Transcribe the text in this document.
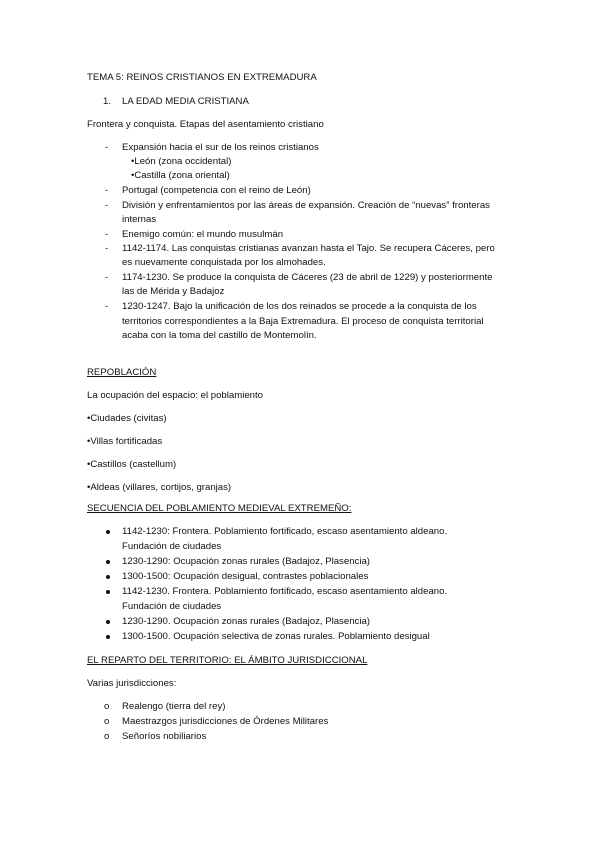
TEMA 5: REINOS CRISTIANOS EN EXTREMADURA
1. LA EDAD MEDIA CRISTIANA
Frontera y conquista. Etapas del asentamiento cristiano
- Expansión hacia el sur de los reinos cristianos
•León (zona occidental)
•Castilla (zona oriental)
- Portugal (competencia con el reino de León)
- División y enfrentamientos por las áreas de expansión. Creación de “nuevas” fronteras
internas
- Enemigo común: el mundo musulmán
- 1142-1174. Las conquistas cristianas avanzan hasta el Tajo. Se recupera Cáceres, pero
es nuevamente conquistada por los almohades.
- 1174-1230. Se produce la conquista de Cáceres (23 de abril de 1229) y posteriormente
las de Mérida y Badajoz
- 1230-1247. Bajo la unificación de los dos reinados se procede a la conquista de los
territorios correspondientes a la Baja Extremadura. El proceso de conquista territorial
acaba con la toma del castillo de Montemolín.
REPOBLACIÓN
La ocupación del espacio: el poblamiento
•Ciudades (civitas)
•Villas fortificadas
•Castillos (castellum)
•Aldeas (villares, cortijos, granjas)
SECUENCIA DEL POBLAMIENTO MEDIEVAL EXTREMEÑO:
1142-1230: Frontera. Poblamiento fortificado, escaso asentamiento aldeano.
Fundación de ciudades
1230-1290: Ocupación zonas rurales (Badajoz, Plasencia)
1300-1500: Ocupación desigual, contrastes poblacionales
1142-1230. Frontera. Poblamiento fortificado, escaso asentamiento aldeano.
Fundación de ciudades
1230-1290. Ocupación zonas rurales (Badajoz, Plasencia)
1300-1500. Ocupación selectiva de zonas rurales. Poblamiento desigual
EL REPARTO DEL TERRITORIO: EL ÁMBITO JURISDICCIONAL
Varias jurisdicciones:
o Realengo (tierra del rey)
o Maestrazgos jurisdicciones de Órdenes Militares
o Señoríos nobiliarios
